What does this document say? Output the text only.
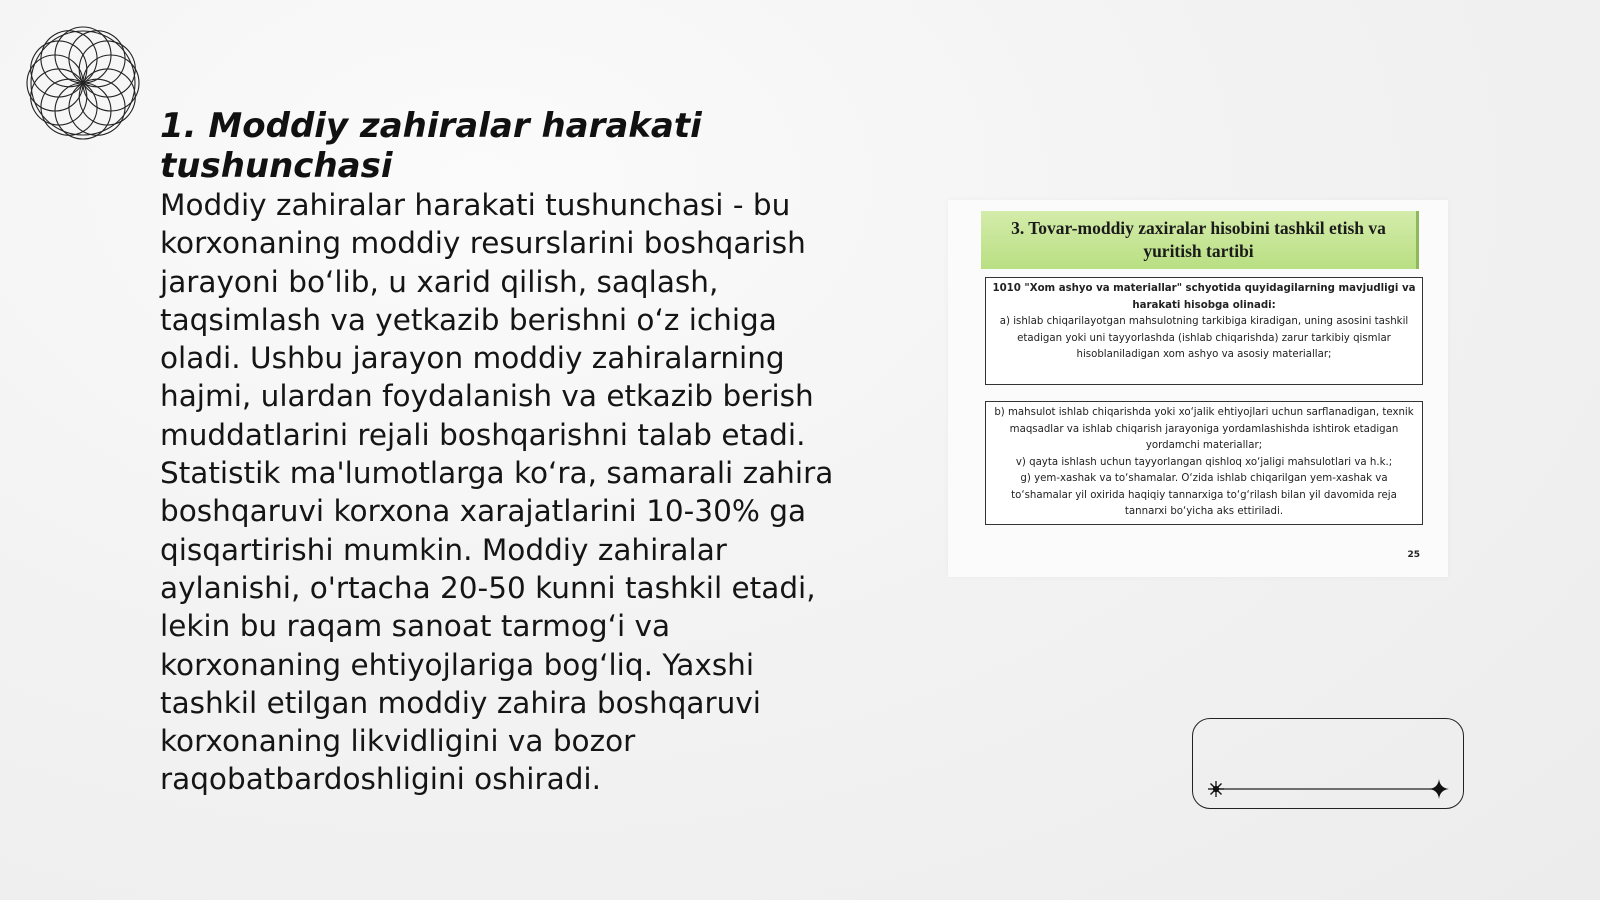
1. Moddiy zahiralar harakati tushunchasi

Moddiy zahiralar harakati tushunchasi - bu korxonaning moddiy resurslarini boshqarish jarayoni bo‘lib, u xarid qilish, saqlash, taqsimlash va yetkazib berishni o‘z ichiga oladi. Ushbu jarayon moddiy zahiralarning hajmi, ulardan foydalanish va etkazib berish muddatlarini rejali boshqarishni talab etadi. Statistik ma'lumotlarga ko‘ra, samarali zahira boshqaruvi korxona xarajatlarini 10-30% ga qisqartirishi mumkin. Moddiy zahiralar aylanishi, o'rtacha 20-50 kunni tashkil etadi, lekin bu raqam sanoat tarmog‘i va korxonaning ehtiyojlariga bog‘liq. Yaxshi tashkil etilgan moddiy zahira boshqaruvi korxonaning likvidligini va bozor raqobatbardoshligini oshiradi.

3. Tovar-moddiy zaxiralar hisobini tashkil etish va yuritish tartibi
1010 "Xom ashyo va materiallar" schyotida quyidagilarning mavjudligi va harakati hisobga olinadi:
a) ishlab chiqarilayotgan mahsulotning tarkibiga kiradigan, uning asosini tashkil etadigan yoki uni tayyorlashda (ishlab chiqarishda) zarur tarkibiy qismlar hisoblaniladigan xom ashyo va asosiy materiallar;
b) mahsulot ishlab chiqarishda yoki xo‘jalik ehtiyojlari uchun sarflanadigan, texnik maqsadlar va ishlab chiqarish jarayoniga yordamlashishda ishtirok etadigan yordamchi materiallar;
v) qayta ishlash uchun tayyorlangan qishloq xo‘jaligi mahsulotlari va h.k.;
g) yem-xashak va to‘shamalar. O‘zida ishlab chiqarilgan yem-xashak va to‘shamalar yil oxirida haqiqiy tannarxiga to‘g‘rilash bilan yil davomida reja tannarxi bo‘yicha aks ettiriladi.
25
